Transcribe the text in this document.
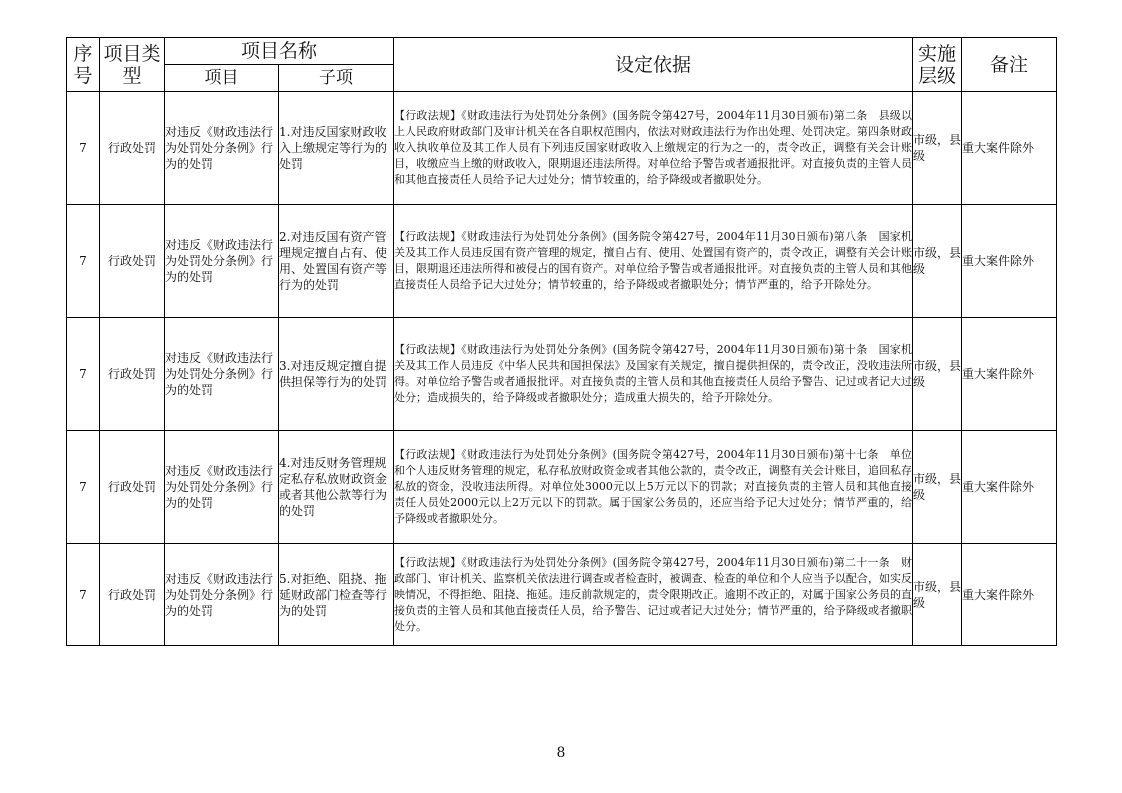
序号	项目类型	项目名称		设定依据	实施层级	备注
		项目	子项			
7	行政处罚	对违反《财政违法行为处罚处分条例》行为的处罚	1.对违反国家财政收入上缴规定等行为的处罚	【行政法规】《财政违法行为处罚处分条例》(国务院令第427号，2004年11月30日颁布)第二条　县级以上人民政府财政部门及审计机关在各自职权范围内，依法对财政违法行为作出处理、处罚决定。第四条财政收入执收单位及其工作人员有下列违反国家财政收入上缴规定的行为之一的，责令改正，调整有关会计账目，收缴应当上缴的财政收入，限期退还违法所得。对单位给予警告或者通报批评。对直接负责的主管人员和其他直接责任人员给予记大过处分；情节较重的，给予降级或者撤职处分。	市级，县级	重大案件除外
7	行政处罚	对违反《财政违法行为处罚处分条例》行为的处罚	2.对违反国有资产管理规定擅自占有、使用、处置国有资产等行为的处罚	【行政法规】《财政违法行为处罚处分条例》(国务院令第427号，2004年11月30日颁布)第八条　国家机关及其工作人员违反国有资产管理的规定，擅自占有、使用、处置国有资产的，责令改正，调整有关会计账目，限期退还违法所得和被侵占的国有资产。对单位给予警告或者通报批评。对直接负责的主管人员和其他直接责任人员给予记大过处分；情节较重的，给予降级或者撤职处分；情节严重的，给予开除处分。	市级，县级	重大案件除外
7	行政处罚	对违反《财政违法行为处罚处分条例》行为的处罚	3.对违反规定擅自提供担保等行为的处罚	【行政法规】《财政违法行为处罚处分条例》(国务院令第427号，2004年11月30日颁布)第十条　国家机关及其工作人员违反《中华人民共和国担保法》及国家有关规定，擅自提供担保的，责令改正，没收违法所得。对单位给予警告或者通报批评。对直接负责的主管人员和其他直接责任人员给予警告、记过或者记大过处分；造成损失的，给予降级或者撤职处分；造成重大损失的，给予开除处分。	市级，县级	重大案件除外
7	行政处罚	对违反《财政违法行为处罚处分条例》行为的处罚	4.对违反财务管理规定私存私放财政资金或者其他公款等行为的处罚	【行政法规】《财政违法行为处罚处分条例》(国务院令第427号，2004年11月30日颁布)第十七条　单位和个人违反财务管理的规定，私存私放财政资金或者其他公款的，责令改正，调整有关会计账目，追回私存私放的资金，没收违法所得。对单位处3000元以上5万元以下的罚款；对直接负责的主管人员和其他直接责任人员处2000元以上2万元以下的罚款。属于国家公务员的，还应当给予记大过处分；情节严重的，给予降级或者撤职处分。	市级，县级	重大案件除外
7	行政处罚	对违反《财政违法行为处罚处分条例》行为的处罚	5.对拒绝、阻挠、拖延财政部门检查等行为的处罚	【行政法规】《财政违法行为处罚处分条例》(国务院令第427号，2004年11月30日颁布)第二十一条　财政部门、审计机关、监察机关依法进行调查或者检查时，被调查、检查的单位和个人应当予以配合，如实反映情况，不得拒绝、阻挠、拖延。违反前款规定的，责令限期改正。逾期不改正的，对属于国家公务员的直接负责的主管人员和其他直接责任人员，给予警告、记过或者记大过处分；情节严重的，给予降级或者撤职处分。	市级，县级	重大案件除外
8
